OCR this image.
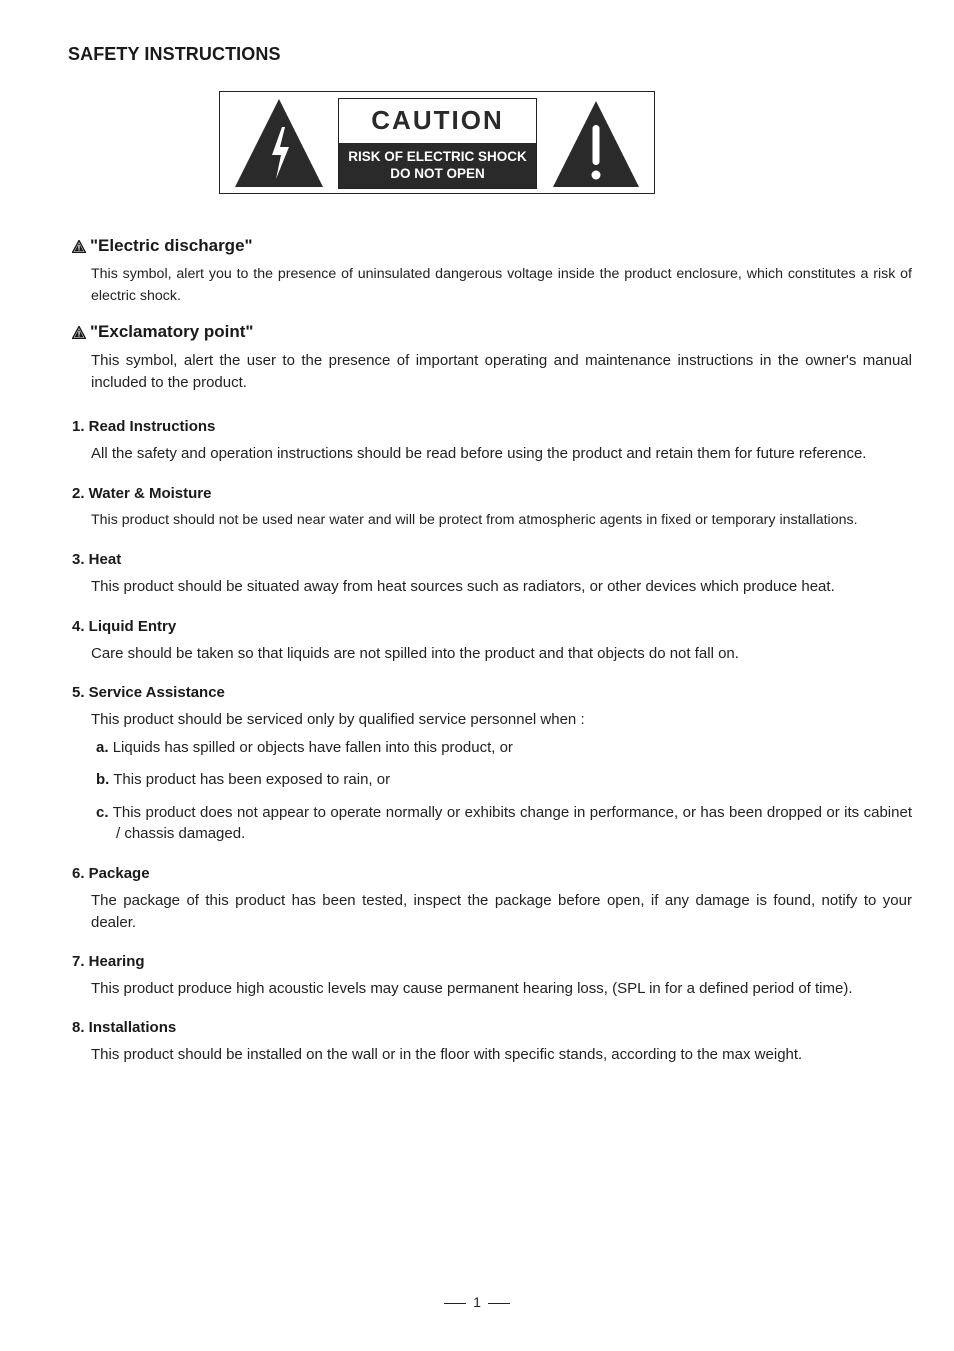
SAFETY INSTRUCTIONS
CAUTION
RISK OF ELECTRIC SHOCK
DO NOT OPEN
"Electric discharge"

This symbol, alert you to the presence of uninsulated dangerous voltage inside the product enclosure, which constitutes a risk of electric shock.

"Exclamatory point"

This symbol, alert the user to the presence of important operating and maintenance instructions in the owner's manual included to the product.

1. Read Instructions

All the safety and operation instructions should be read before using the product and retain them for future reference.

2. Water & Moisture

This product should not be used near water and will be protect from atmospheric agents in fixed or temporary installations.

3. Heat

This product should be situated away from heat sources such as radiators, or other devices which produce heat.

4. Liquid Entry

Care should be taken so that liquids are not spilled into the product and that objects do not fall on.

5. Service Assistance

This product should be serviced only by qualified service personnel when :

a. Liquids has spilled or objects have fallen into this product, or

b. This product has been exposed to rain, or

c. This product does not appear to operate normally or exhibits change in performance, or has been dropped or its cabinet / chassis damaged.

6. Package

The package of this product has been tested, inspect the package before open, if any damage is found, notify to your dealer.

7. Hearing

This product produce high acoustic levels may cause permanent hearing loss, (SPL in for a defined period of time).

8. Installations

This product should be installed on the wall or in the floor with specific stands, according to the max weight.

1
